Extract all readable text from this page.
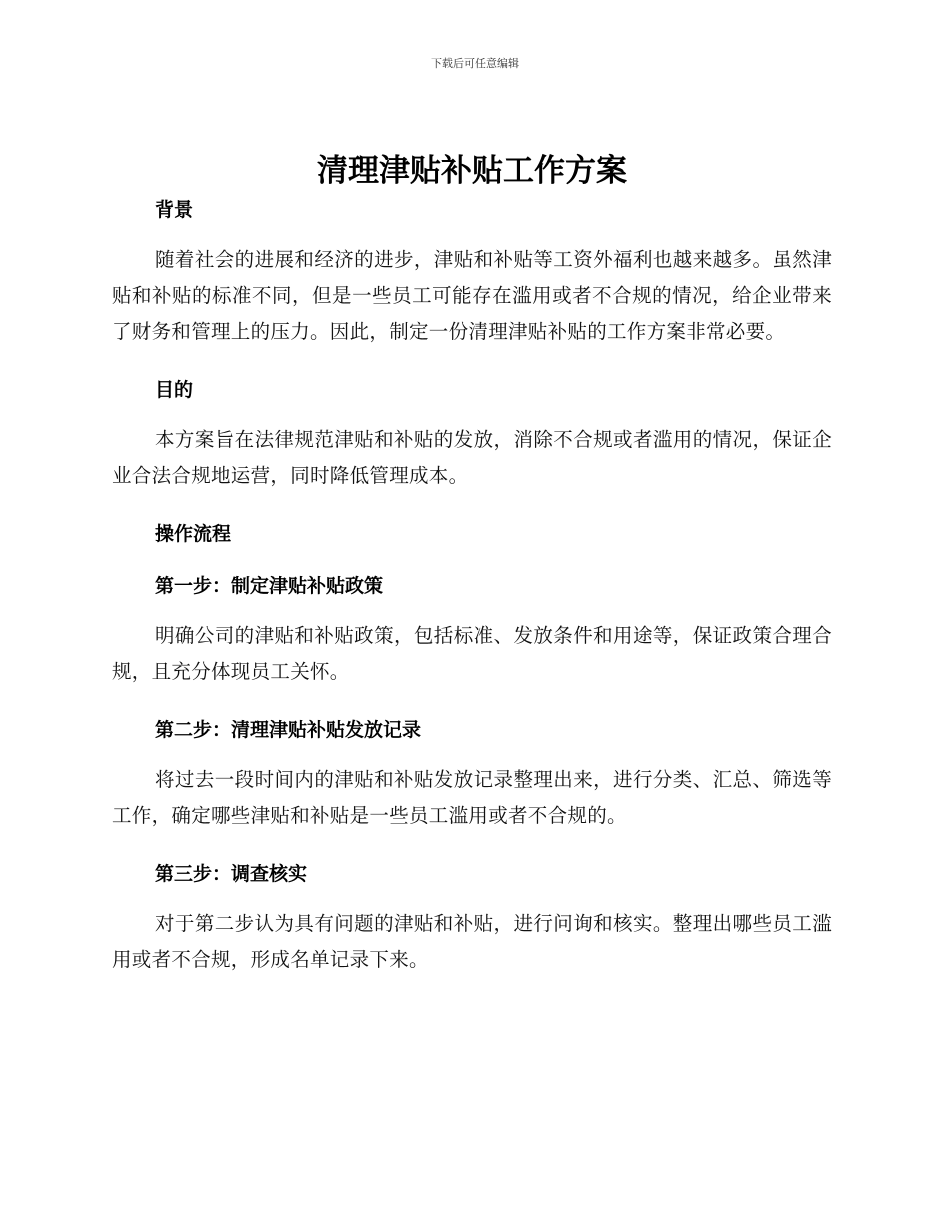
下载后可任意编辑
清理津贴补贴工作方案
背景

随着社会的进展和经济的进步，津贴和补贴等工资外福利也越来越多。虽然津贴和补贴的标准不同，但是一些员工可能存在滥用或者不合规的情况，给企业带来了财务和管理上的压力。因此，制定一份清理津贴补贴的工作方案非常必要。

目的

本方案旨在法律规范津贴和补贴的发放，消除不合规或者滥用的情况，保证企业合法合规地运营，同时降低管理成本。

操作流程
第一步：制定津贴补贴政策

明确公司的津贴和补贴政策，包括标准、发放条件和用途等，保证政策合理合规，且充分体现员工关怀。

第二步：清理津贴补贴发放记录

将过去一段时间内的津贴和补贴发放记录整理出来，进行分类、汇总、筛选等工作，确定哪些津贴和补贴是一些员工滥用或者不合规的。

第三步：调查核实

对于第二步认为具有问题的津贴和补贴，进行问询和核实。整理出哪些员工滥用或者不合规，形成名单记录下来。
